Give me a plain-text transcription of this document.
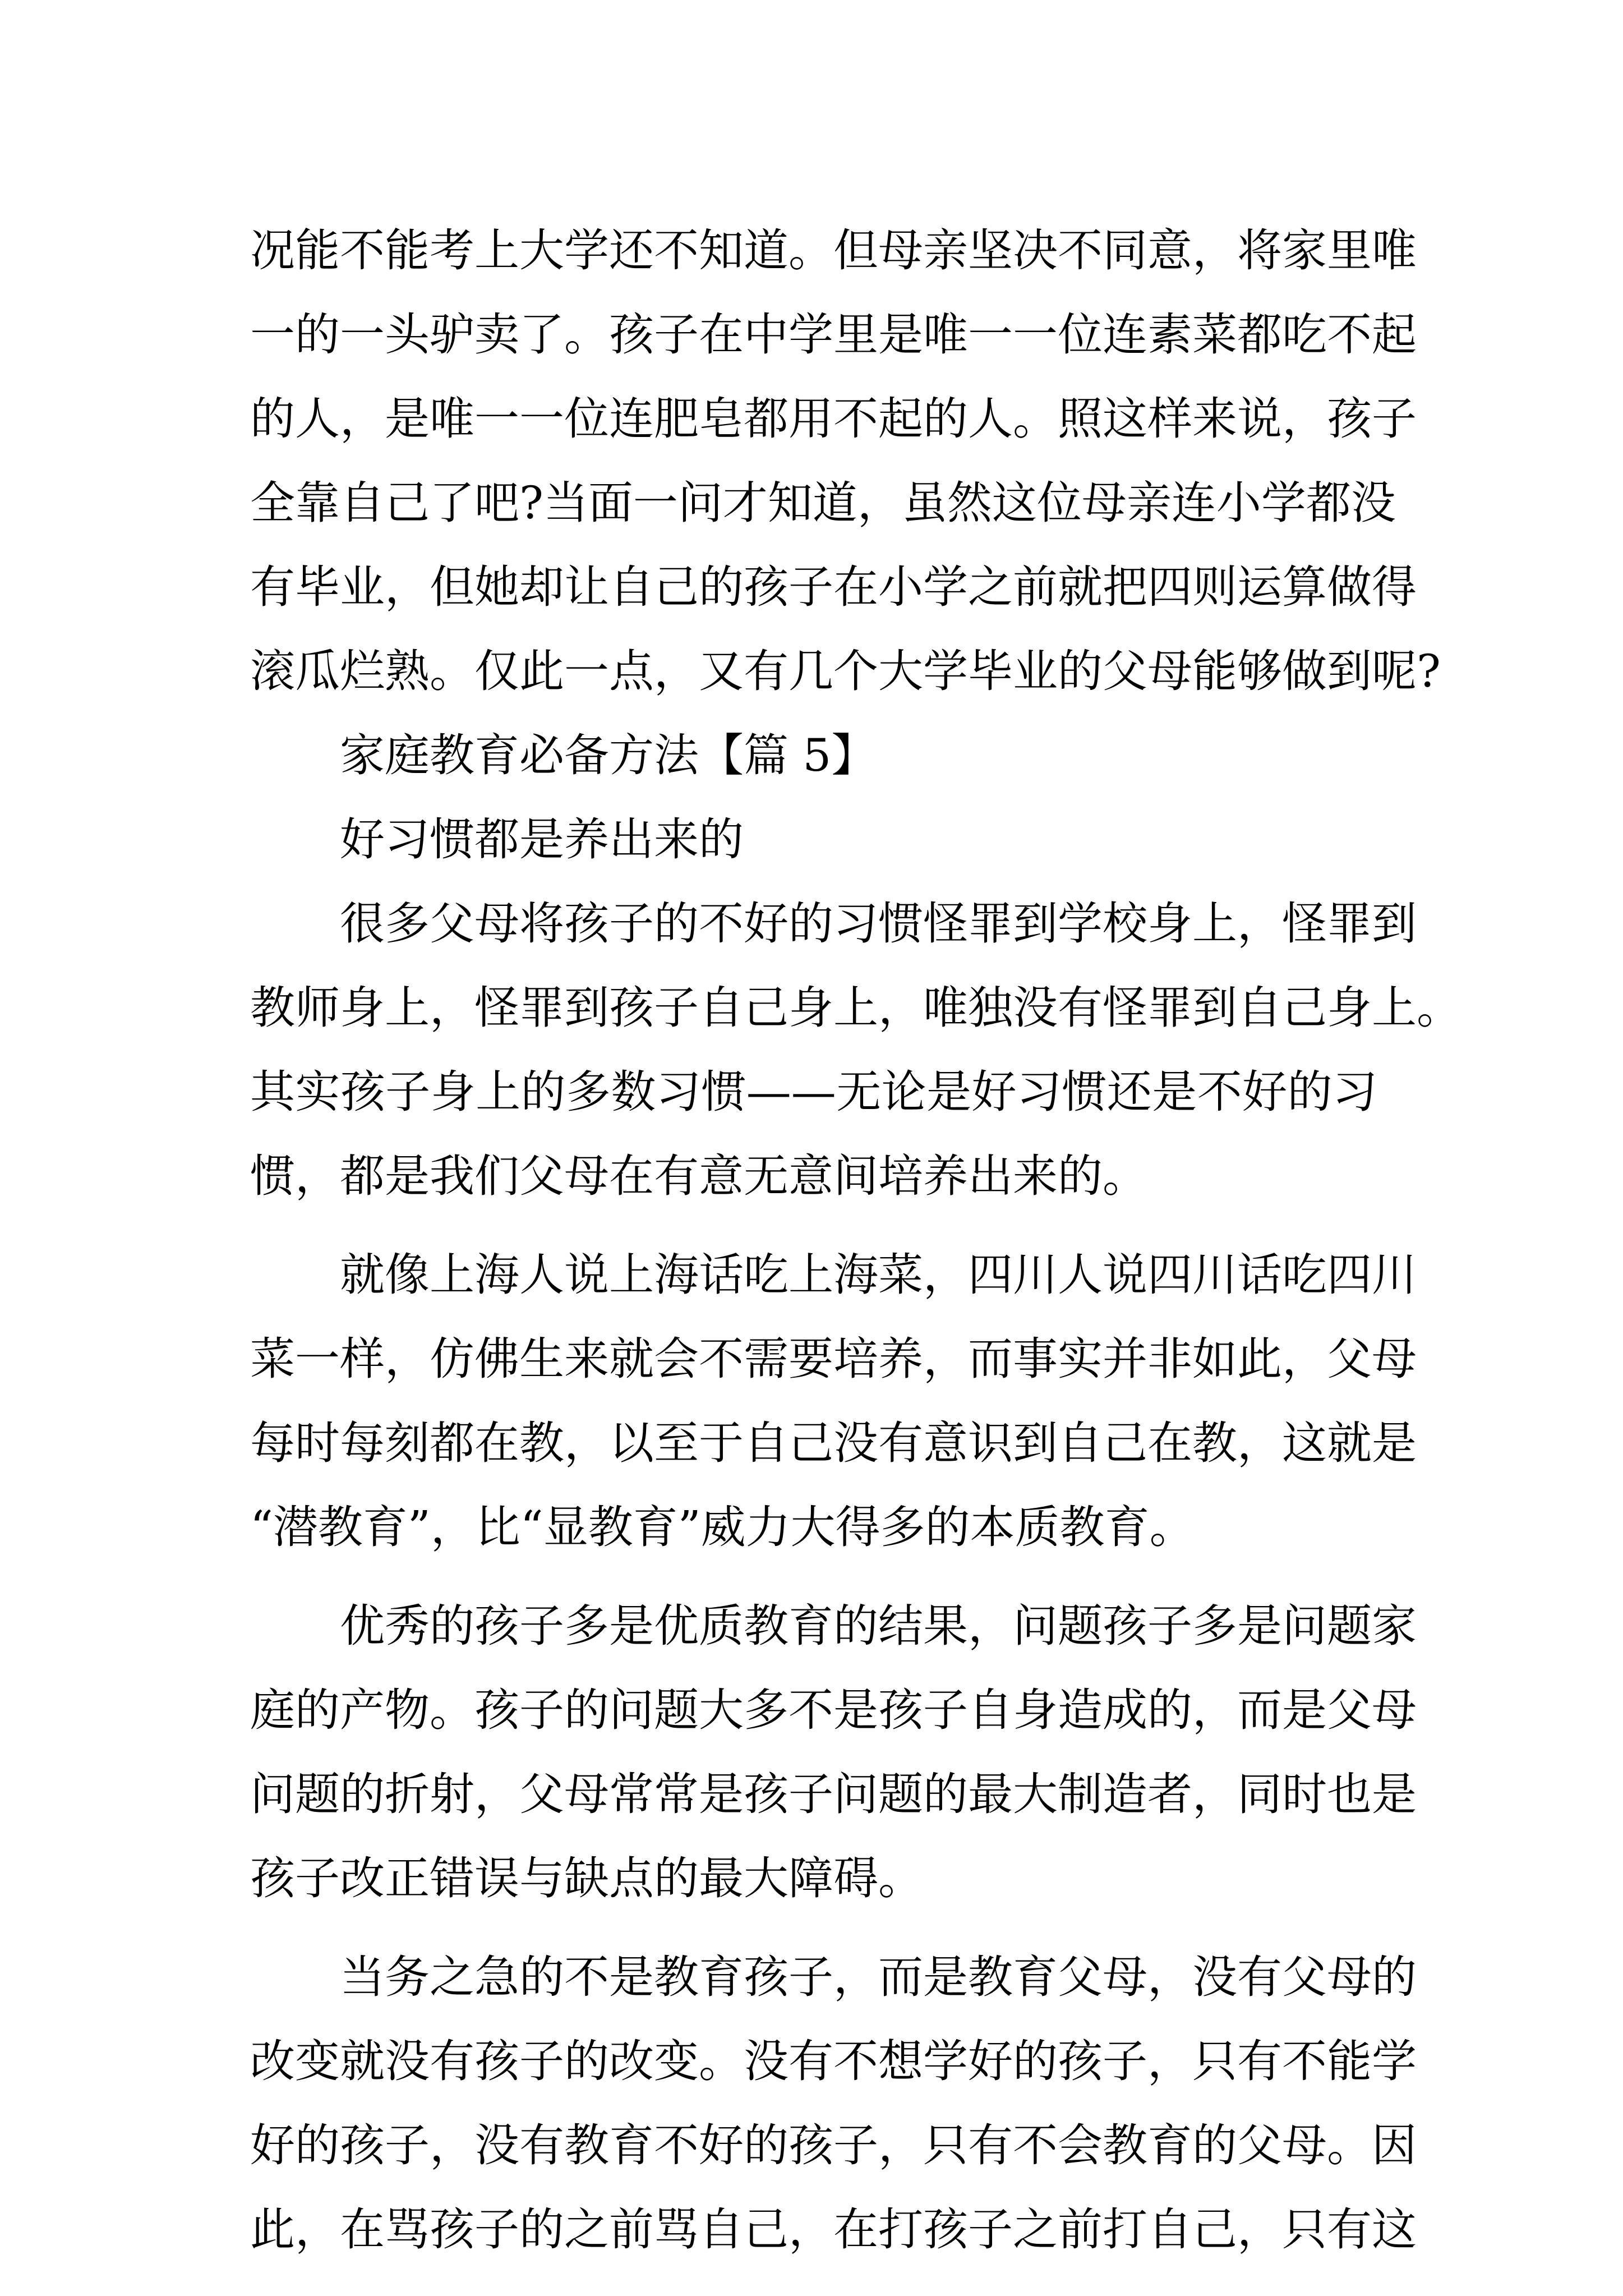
况能不能考上大学还不知道。但母亲坚决不同意，将家里唯
一的一头驴卖了。孩子在中学里是唯一一位连素菜都吃不起
的人，是唯一一位连肥皂都用不起的人。照这样来说，孩子
全靠自己了吧?当面一问才知道，虽然这位母亲连小学都没
有毕业，但她却让自己的孩子在小学之前就把四则运算做得
滚瓜烂熟。仅此一点，又有几个大学毕业的父母能够做到呢?
家庭教育必备方法【篇 5】
好习惯都是养出来的
很多父母将孩子的不好的习惯怪罪到学校身上，怪罪到
教师身上，怪罪到孩子自己身上，唯独没有怪罪到自己身上。
其实孩子身上的多数习惯——无论是好习惯还是不好的习
惯，都是我们父母在有意无意间培养出来的。
就像上海人说上海话吃上海菜，四川人说四川话吃四川
菜一样，仿佛生来就会不需要培养，而事实并非如此，父母
每时每刻都在教，以至于自己没有意识到自己在教，这就是
“潜教育”，比“显教育”威力大得多的本质教育。
优秀的孩子多是优质教育的结果，问题孩子多是问题家
庭的产物。孩子的问题大多不是孩子自身造成的，而是父母
问题的折射，父母常常是孩子问题的最大制造者，同时也是
孩子改正错误与缺点的最大障碍。
当务之急的不是教育孩子，而是教育父母，没有父母的
改变就没有孩子的改变。没有不想学好的孩子，只有不能学
好的孩子，没有教育不好的孩子，只有不会教育的父母。因
此，在骂孩子的之前骂自己，在打孩子之前打自己，只有这
